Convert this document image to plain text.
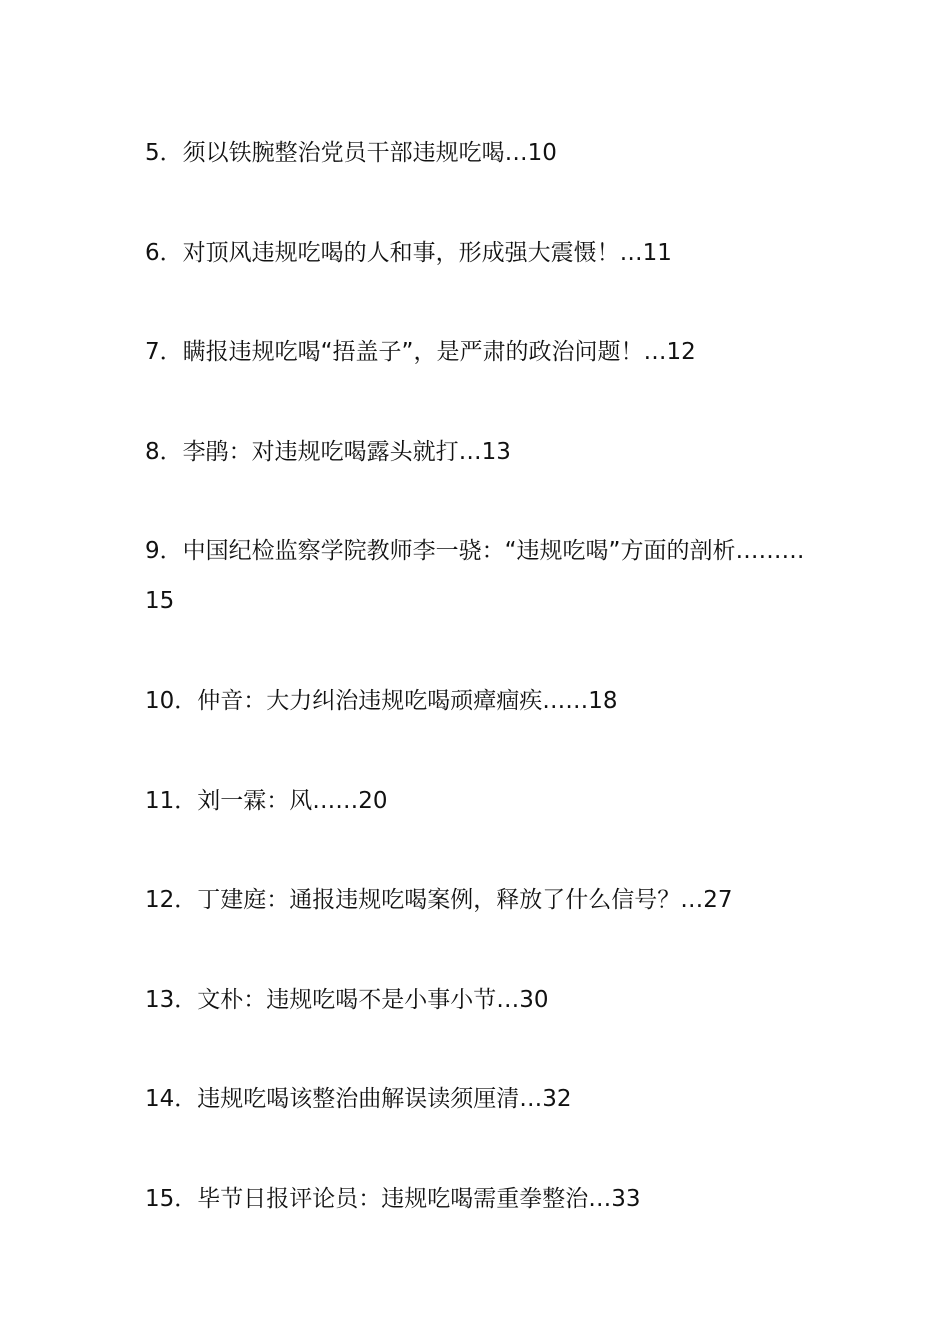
5．须以铁腕整治党员干部违规吃喝…10
6．对顶风违规吃喝的人和事，形成强大震慑！…11
7．瞒报违规吃喝“捂盖子”，是严肃的政治问题！…12
8．李鹃：对违规吃喝露头就打…13
9．中国纪检监察学院教师李一骁：“违规吃喝”方面的剖析………15
10．仲音：大力纠治违规吃喝顽瘴痼疾……18
11．刘一霖：风……20
12．丁建庭：通报违规吃喝案例，释放了什么信号？…27
13．文朴：违规吃喝不是小事小节…30
14．违规吃喝该整治曲解误读须厘清…32
15．毕节日报评论员：违规吃喝需重拳整治…33
